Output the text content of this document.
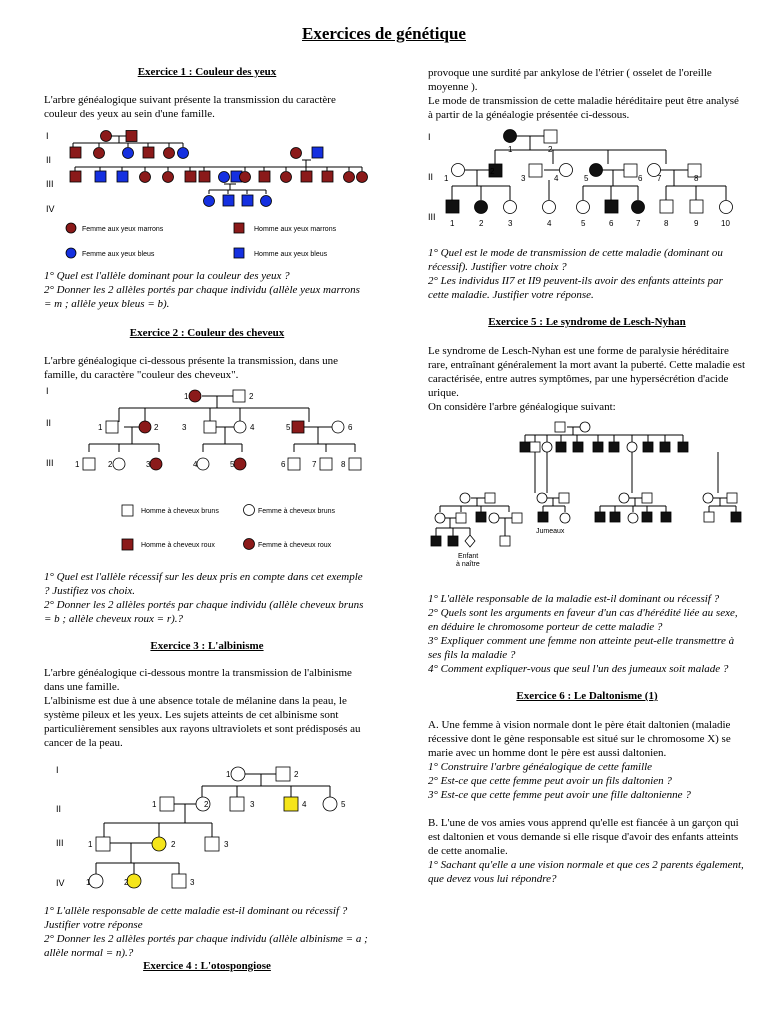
Exercices de génétique
Exercice 1 : Couleur des yeux
L'arbre généalogique suivant présente la transmission du caractère couleur des yeux au sein d'une famille.
I
II
III
IV
Femme aux yeux marrons	Homme aux yeux marrons
Femme aux yeux bleus	Homme aux yeux bleus
1° Quel est l'allèle dominant pour la couleur des yeux ?
2° Donner les 2 allèles portés par chaque individu (allèle yeux marrons = m ; allèle yeux bleus = b).
Exercice 2 : Couleur des cheveux
L'arbre généalogique ci-dessous présente la transmission, dans une famille, du caractère "couleur des cheveux".
I
II
III
1	2
1	2	3	4	5	6
1	2	3	4	5	6	7	8
Homme à cheveux bruns	Femme à cheveux bruns
Homme à cheveux roux	Femme à cheveux roux
1° Quel est l'allèle récessif sur les deux pris en compte dans cet exemple ? Justifiez vos choix.
2° Donner les 2 allèles portés par chaque individu (allèle cheveux bruns = b ; allèle cheveux roux = r).?
Exercice 3 : L'albinisme
L'arbre généalogique ci-dessous montre la transmission de l'albinisme dans une famille.
L'albinisme est due à une absence totale de mélanine dans la peau, le système pileux et les yeux. Les sujets atteints de cet albinisme sont particulièrement sensibles aux rayons ultraviolets et sont prédisposés au cancer de la peau.
I
II
III
IV
1	2
1	2	3	4	5
1	2	3
1	2	3
1° L'allèle responsable de cette maladie est-il dominant ou récessif ? Justifier votre réponse
2° Donner les 2 allèles portés par chaque individu (allèle albinisme = a ; allèle normal = n).?
Exercice 4 : L'otospongiose
provoque une surdité par ankylose de l'étrier ( osselet de l'oreille moyenne ).
Le mode de transmission de cette maladie héréditaire peut être analysé à partir de la généalogie présentée ci-dessous.
I
II
III
1	2
1
2
3	4	5	6 7	8
1	2	3	4	5	6	7	8	9	10
1° Quel est le mode de transmission de cette maladie (dominant ou récessif). Justifier votre choix ?
2° Les individus II7 et II9 peuvent-ils avoir des enfants atteints par cette maladie. Justifier votre réponse.
Exercice 5 : Le syndrome de Lesch-Nyhan
Le syndrome de Lesch-Nyhan est une forme de paralysie héréditaire rare, entraînant généralement la mort avant la puberté. Cette maladie est caractérisée, entre autres symptômes, par une hypersécrétion d'acide urique.
On considère l'arbre généalogique suivant:
Jumeaux
Enfant à naître
1° L'allèle responsable de la maladie est-il dominant ou récessif ?
2° Quels sont les arguments en faveur d'un cas d'hérédité liée au sexe, en déduire le chromosome porteur de cette maladie ?
3° Expliquer comment une femme non atteinte peut-elle transmettre à ses fils la maladie ?
4° Comment expliquer-vous que seul l'un des jumeaux soit malade ?
Exercice 6 : Le Daltonisme (1)
A. Une femme à vision normale dont le père était daltonien (maladie récessive dont le gène responsable est situé sur le chromosome X) se marie avec un homme dont le père est aussi daltonien.
1° Construire l'arbre généalogique de cette famille
2° Est-ce que cette femme peut avoir un fils daltonien ?
3° Est-ce que cette femme peut avoir une fille daltonienne ?
B. L'une de vos amies vous apprend qu'elle est fiancée à un garçon qui est daltonien et vous demande si elle risque d'avoir des enfants atteints de cette anomalie.
1° Sachant qu'elle a une vision normale et que ces 2 parents également, que devez vous lui répondre?
